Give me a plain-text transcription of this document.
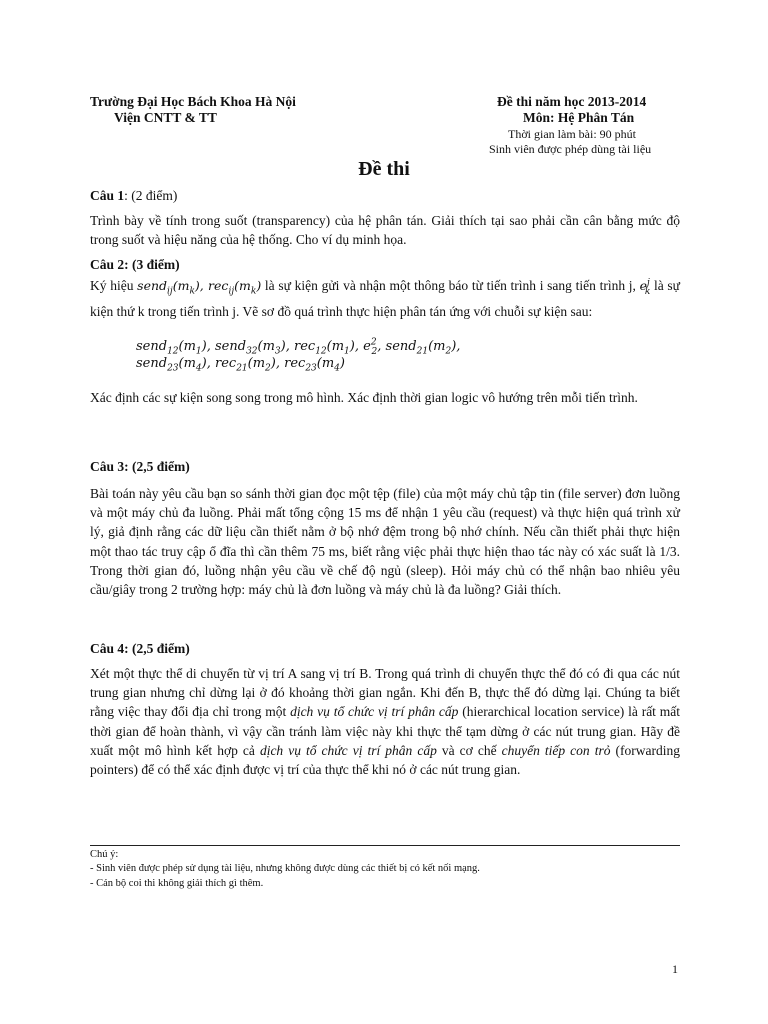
Trường Đại Học Bách Khoa Hà Nội
Viện CNTT & TT
Đề thi năm học 2013-2014
Môn: Hệ Phân Tán
Thời gian làm bài: 90 phút
Sinh viên được phép dùng tài liệu
Đề thi
Câu 1: (2 điểm)
Trình bày về tính trong suốt (transparency) của hệ phân tán. Giải thích tại sao phải cần cân bằng mức độ trong suốt và hiệu năng của hệ thống. Cho ví dụ minh họa.
Câu 2: (3 điểm)
Ký hiệu $send_{ij}(m_k)$, $rec_{ij}(m_k)$ là sự kiện gửi và nhận một thông báo từ tiến trình i sang tiến trình j, $e^j_k$ là sự kiện thứ k trong tiến trình j. Vẽ sơ đồ quá trình thực hiện phân tán ứng với chuỗi sự kiện sau:
$send_{12}(m_1)$, $send_{32}(m_3)$, $rec_{12}(m_1)$, $e^2_2$, $send_{21}(m_2)$,
$send_{23}(m_4)$, $rec_{21}(m_2)$, $rec_{23}(m_4)$
Xác định các sự kiện song song trong mô hình. Xác định thời gian logic vô hướng trên mỗi tiến trình.
Câu 3: (2,5 điểm)
Bài toán này yêu cầu bạn so sánh thời gian đọc một tệp (file) của một máy chủ tập tin (file server) đơn luồng và một máy chủ đa luồng. Phải mất tổng cộng 15 ms để nhận 1 yêu cầu (request) và thực hiện quá trình xử lý, giả định rằng các dữ liệu cần thiết nằm ở bộ nhớ đệm trong bộ nhớ chính. Nếu cần thiết phải thực hiện một thao tác truy cập ổ đĩa thì cần thêm 75 ms, biết rằng việc phải thực hiện thao tác này có xác suất là 1/3. Trong thời gian đó, luồng nhận yêu cầu về chế độ ngủ (sleep). Hỏi máy chủ có thể nhận bao nhiêu yêu cầu/giây trong 2 trường hợp: máy chủ là đơn luồng và máy chủ là đa luồng? Giải thích.
Câu 4: (2,5 điểm)
Xét một thực thể di chuyển từ vị trí A sang vị trí B. Trong quá trình di chuyển thực thể đó có đi qua các nút trung gian nhưng chỉ dừng lại ở đó khoảng thời gian ngắn. Khi đến B, thực thể đó dừng lại. Chúng ta biết rằng việc thay đổi địa chỉ trong một dịch vụ tổ chức vị trí phân cấp (hierarchical location service) là rất mất thời gian để hoàn thành, vì vậy cần tránh làm việc này khi thực thể tạm dừng ở các nút trung gian. Hãy đề xuất một mô hình kết hợp cả dịch vụ tổ chức vị trí phân cấp và cơ chế chuyển tiếp con trỏ (forwarding pointers) để có thể xác định được vị trí của thực thể khi nó ở các nút trung gian.
Chú ý:
- Sinh viên được phép sử dụng tài liệu, nhưng không được dùng các thiết bị có kết nối mạng.
- Cán bộ coi thi không giải thích gì thêm.
1
